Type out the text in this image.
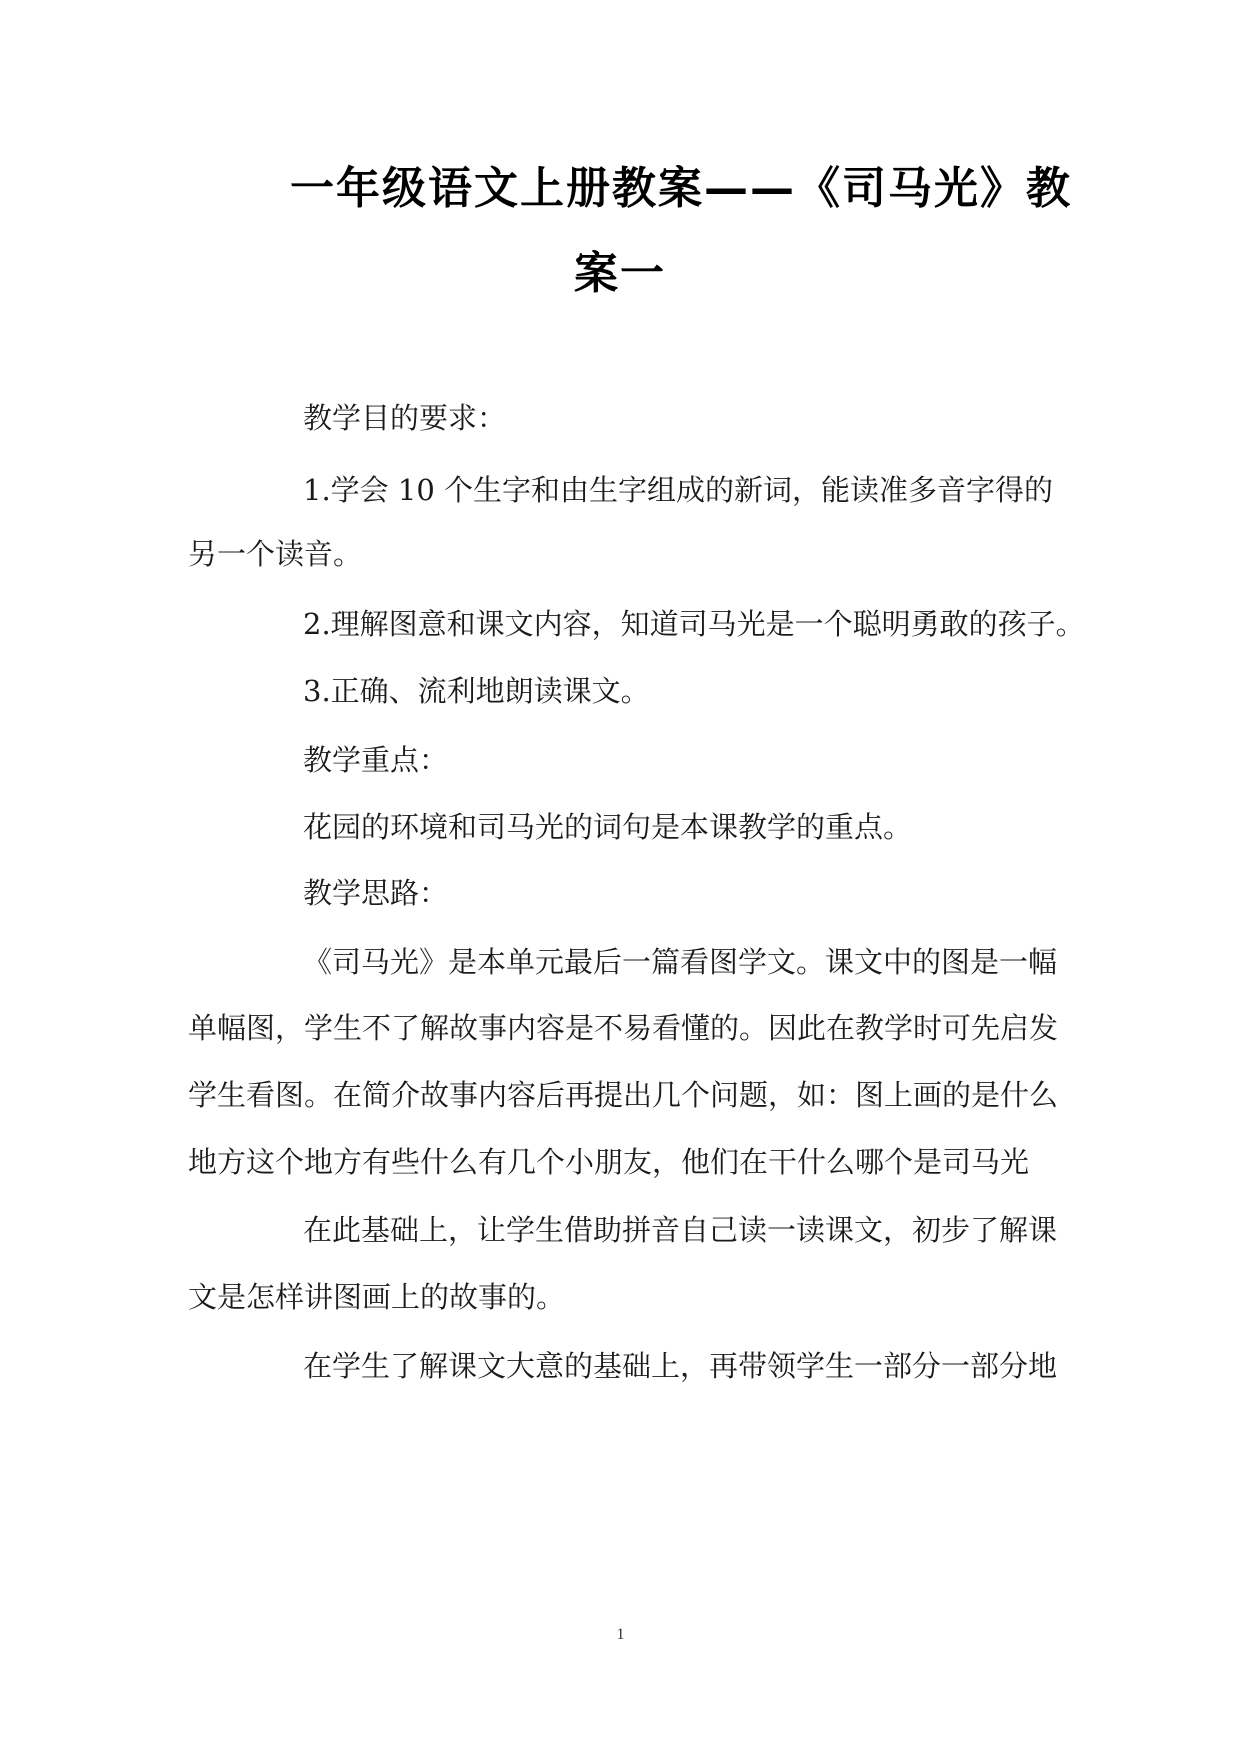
一年级语文上册教案——《司马光》教
案一

教学目的要求：

1.学会 10 个生字和由生字组成的新词，能读准多音字得的

另一个读音。

2.理解图意和课文内容，知道司马光是一个聪明勇敢的孩子。

3.正确、流利地朗读课文。

教学重点：

花园的环境和司马光的词句是本课教学的重点。

教学思路：

《司马光》是本单元最后一篇看图学文。课文中的图是一幅

单幅图，学生不了解故事内容是不易看懂的。因此在教学时可先启发

学生看图。在简介故事内容后再提出几个问题，如：图上画的是什么

地方这个地方有些什么有几个小朋友，他们在干什么哪个是司马光

在此基础上，让学生借助拼音自己读一读课文，初步了解课

文是怎样讲图画上的故事的。

在学生了解课文大意的基础上，再带领学生一部分一部分地

1
